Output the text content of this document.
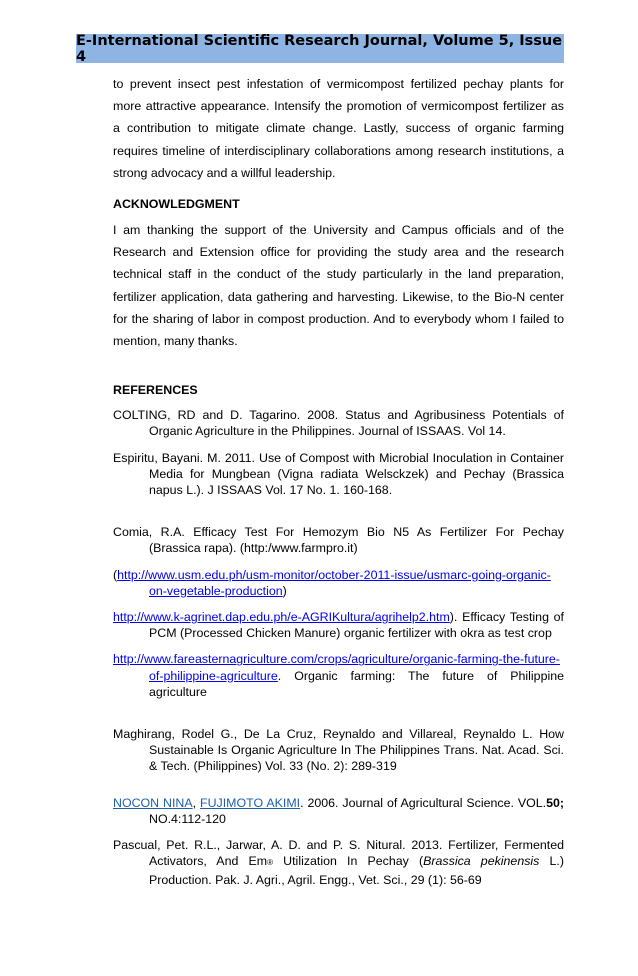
E-International Scientific Research Journal, Volume 5, Issue 4

to prevent insect pest infestation of vermicompost fertilized pechay plants for more attractive appearance. Intensify the promotion of vermicompost fertilizer as a contribution to mitigate climate change. Lastly, success of organic farming requires timeline of interdisciplinary collaborations among research institutions, a strong advocacy and a willful leadership.

ACKNOWLEDGMENT

I am thanking the support of the University and Campus officials and of the Research and Extension office for providing the study area and the research technical staff in the conduct of the study particularly in the land preparation, fertilizer application, data gathering and harvesting. Likewise, to the Bio-N center for the sharing of labor in compost production. And to everybody whom I failed to mention, many thanks.

REFERENCES

COLTING, RD and D. Tagarino. 2008. Status and Agribusiness Potentials of Organic Agriculture in the Philippines. Journal of ISSAAS. Vol 14.

Espiritu, Bayani. M. 2011. Use of Compost with Microbial Inoculation in Container Media for Mungbean (Vigna radiata Welsckzek) and Pechay (Brassica napus L.). J ISSAAS Vol. 17 No. 1. 160-168.

Comia, R.A. Efficacy Test For Hemozym Bio N5 As Fertilizer For Pechay (Brassica rapa). (http:/www.farmpro.it)

(http://www.usm.edu.ph/usm-monitor/october-2011-issue/usmarc-going-organic-on-vegetable-production)

http://www.k-agrinet.dap.edu.ph/e-AGRIKultura/agrihelp2.htm). Efficacy Testing of PCM (Processed Chicken Manure) organic fertilizer with okra as test crop

http://www.fareasternagriculture.com/crops/agriculture/organic-farming-the-future-of-philippine-agriculture. Organic farming: The future of Philippine agriculture

Maghirang, Rodel G., De La Cruz, Reynaldo and Villareal, Reynaldo L. How Sustainable Is Organic Agriculture In The Philippines Trans. Nat. Acad. Sci. & Tech. (Philippines) Vol. 33 (No. 2): 289-319

NOCON NINA, FUJIMOTO AKIMI. 2006. Journal of Agricultural Science. VOL.50; NO.4:112-120

Pascual, Pet. R.L., Jarwar, A. D. and P. S. Nitural. 2013. Fertilizer, Fermented Activators, And Em® Utilization In Pechay (Brassica pekinensis L.) Production. Pak. J. Agri., Agril. Engg., Vet. Sci., 29 (1): 56-69
